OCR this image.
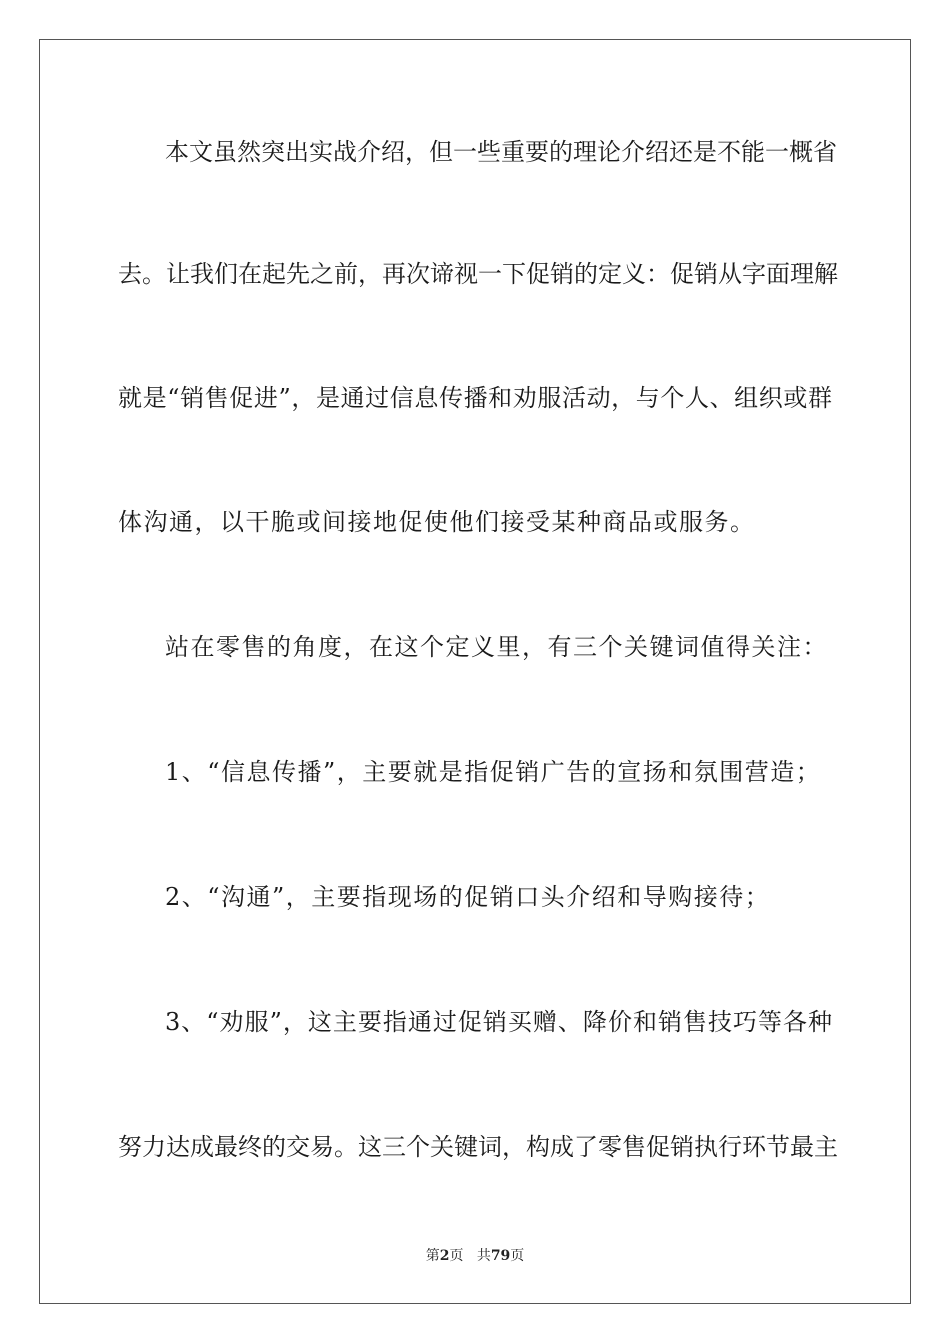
本文虽然突出实战介绍，但一些重要的理论介绍还是不能一概省
去。让我们在起先之前，再次谛视一下促销的定义：促销从字面理解
就是“销售促进”，是通过信息传播和劝服活动，与个人、组织或群
体沟通，以干脆或间接地促使他们接受某种商品或服务。
站在零售的角度，在这个定义里，有三个关键词值得关注：
1、“信息传播”，主要就是指促销广告的宣扬和氛围营造；
2、“沟通”，主要指现场的促销口头介绍和导购接待；
3、“劝服”，这主要指通过促销买赠、降价和销售技巧等各种
努力达成最终的交易。这三个关键词，构成了零售促销执行环节最主
第2页 共79页
